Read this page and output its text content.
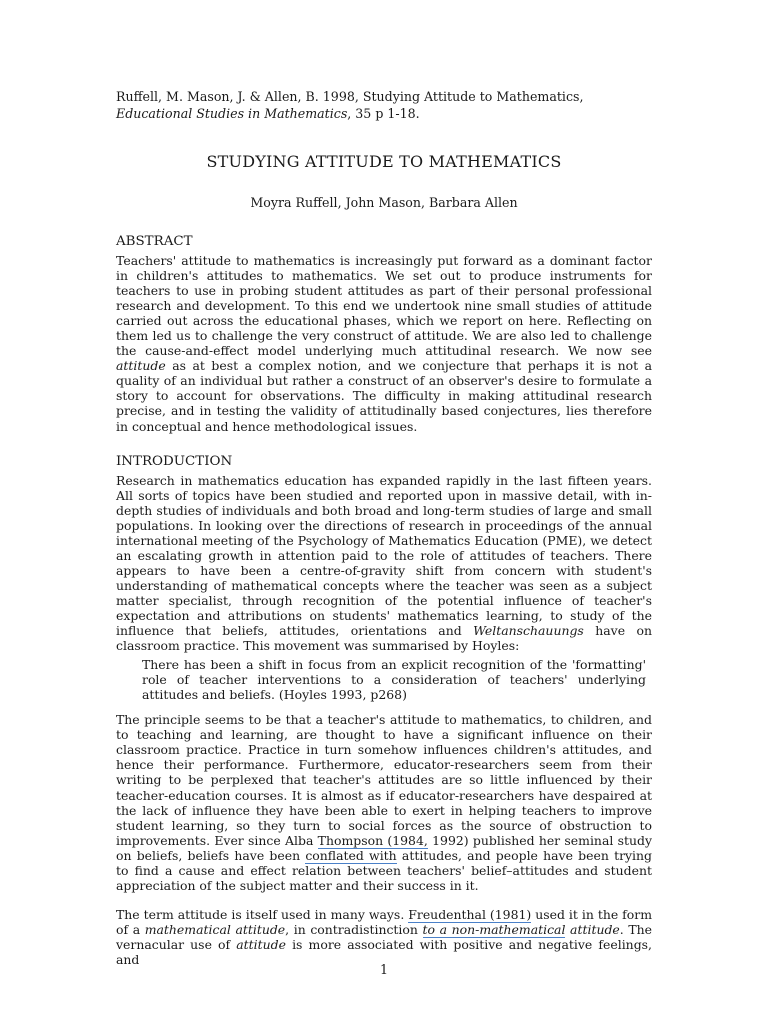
Ruffell, M. Mason, J. & Allen, B. 1998, Studying Attitude to Mathematics, Educational Studies in Mathematics, 35 p 1-18.

STUDYING ATTITUDE TO MATHEMATICS
Moyra Ruffell, John Mason, Barbara Allen
ABSTRACT

Teachers' attitude to mathematics is increasingly put forward as a dominant factor in children's attitudes to mathematics. We set out to produce instruments for teachers to use in probing student attitudes as part of their personal professional research and development. To this end we undertook nine small studies of attitude carried out across the educational phases, which we report on here. Reflecting on them led us to challenge the very construct of attitude. We are also led to challenge the cause-and-effect model underlying much attitudinal research. We now see attitude as at best a complex notion, and we conjecture that perhaps it is not a quality of an individual but rather a construct of an observer's desire to formulate a story to account for observations. The difficulty in making attitudinal research precise, and in testing the validity of attitudinally based conjectures, lies therefore in conceptual and hence methodological issues.

INTRODUCTION

Research in mathematics education has expanded rapidly in the last fifteen years. All sorts of topics have been studied and reported upon in massive detail, with in-depth studies of individuals and both broad and long-term studies of large and small populations. In looking over the directions of research in proceedings of the annual international meeting of the Psychology of Mathematics Education (PME), we detect an escalating growth in attention paid to the role of attitudes of teachers. There appears to have been a centre-of-gravity shift from concern with student's understanding of mathematical concepts where the teacher was seen as a subject matter specialist, through recognition of the potential influence of teacher's expectation and attributions on students' mathematics learning, to study of the influence that beliefs, attitudes, orientations and Weltanschauungs have on classroom practice. This movement was summarised by Hoyles:

There has been a shift in focus from an explicit recognition of the 'formatting' role of teacher interventions to a consideration of teachers' underlying attitudes and beliefs. (Hoyles 1993, p268)

The principle seems to be that a teacher's attitude to mathematics, to children, and to teaching and learning, are thought to have a significant influence on their classroom practice. Practice in turn somehow influences children's attitudes, and hence their performance. Furthermore, educator-researchers seem from their writing to be perplexed that teacher's attitudes are so little influenced by their teacher-education courses. It is almost as if educator-researchers have despaired at the lack of influence they have been able to exert in helping teachers to improve student learning, so they turn to social forces as the source of obstruction to improvements. Ever since Alba Thompson (1984, 1992) published her seminal study on beliefs, beliefs have been conflated with attitudes, and people have been trying to find a cause and effect relation between teachers' belief–attitudes and student appreciation of the subject matter and their success in it.

The term attitude is itself used in many ways. Freudenthal (1981) used it in the form of a mathematical attitude, in contradistinction to a non-mathematical attitude. The vernacular use of attitude is more associated with positive and negative feelings, and

1
